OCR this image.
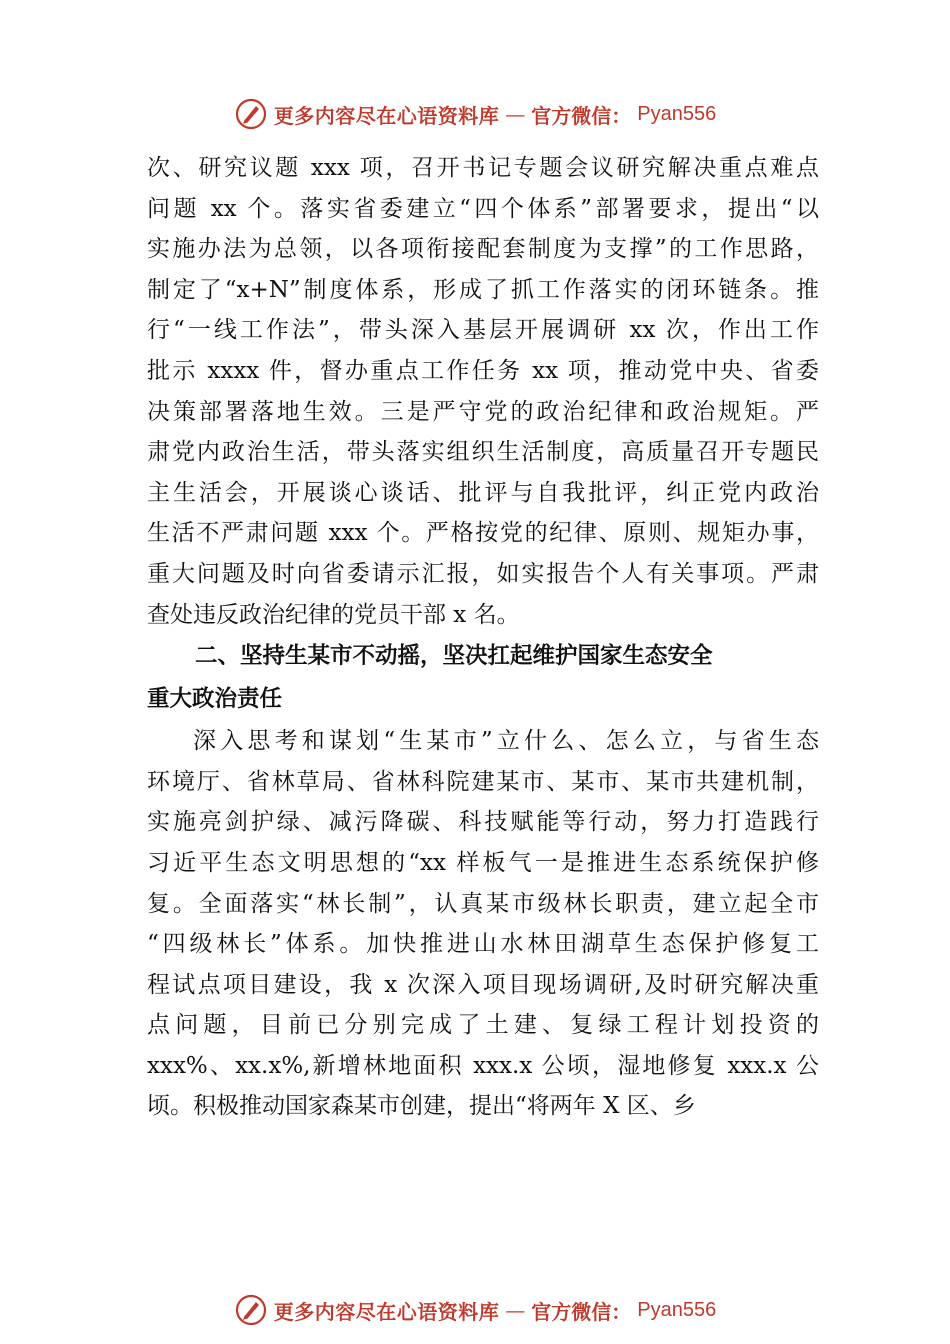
更多内容尽在心语资料库 — 官方微信： Pyan556
次、研究议题 xxx 项，召开书记专题会议研究解决重点难点
问题 xx 个。落实省委建立“四个体系”部署要求，提出“以
实施办法为总领，以各项衔接配套制度为支撑”的工作思路，
制定了“x+N”制度体系，形成了抓工作落实的闭环链条。推
行“一线工作法”，带头深入基层开展调研 xx 次，作出工作
批示 xxxx 件，督办重点工作任务 xx 项，推动党中央、省委
决策部署落地生效。三是严守党的政治纪律和政治规矩。严
肃党内政治生活，带头落实组织生活制度，高质量召开专题民
主生活会，开展谈心谈话、批评与自我批评，纠正党内政治
生活不严肃问题 xxx 个。严格按党的纪律、原则、规矩办事，
重大问题及时向省委请示汇报，如实报告个人有关事项。严肃
查处违反政治纪律的党员干部 x 名。
二、坚持生某市不动摇，坚决扛起维护国家生态安全
重大政治责任
深入思考和谋划“生某市”立什么、怎么立，与省生态
环境厅、省林草局、省林科院建某市、某市、某市共建机制，
实施亮剑护绿、减污降碳、科技赋能等行动，努力打造践行
习近平生态文明思想的“xx 样板气一是推进生态系统保护修
复。全面落实“林长制”，认真某市级林长职责，建立起全市
“四级林长”体系。加快推进山水林田湖草生态保护修复工
程试点项目建设，我 x 次深入项目现场调研,及时研究解决重
点问题，目前已分别完成了土建、复绿工程计划投资的
xxx%、xx.x%,新增林地面积 xxx.x 公顷，湿地修复 xxx.x 公
顷。积极推动国家森某市创建，提出“将两年 X 区、乡
更多内容尽在心语资料库 — 官方微信： Pyan556
